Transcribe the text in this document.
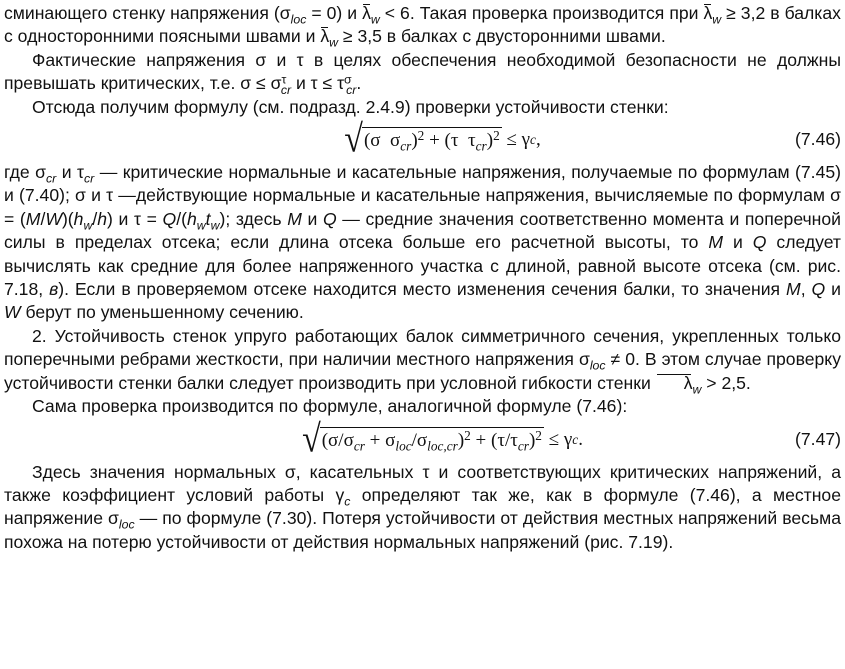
сминающего стенку напряжения $(\sigma_{loc} = 0)$ и $\lambda_w < 6$. Такая проверка производится при $\lambda_w \ge 3,2$ в балках с односторонними поясными швами и $\lambda_w \ge 3,5$ в балках с двусторонними швами.

Фактические напряжения σ и τ в целях обеспечения необходимой безопасности не должны превышать критических, т.е. $\sigma \le \sigma^\tau_{cr}$ и $\tau \le \tau^\sigma_{cr}$.

Отсюда получим формулу (см. подразд. 2.4.9) проверки устойчивости стенки:

√ (σ  $\sigma_{cr})^2 + (\tau$  $\tau_{cr})^2 \le \gamma$ c ,	(7.46)

где $\sigma_{cr}$ и $\tau_{cr}$ — критические нормальные и касательные напряжения, получаемые по формулам (7.45) и (7.40); σ и τ —действующие нормальные и касательные напряжения, вычисляемые по формулам $\sigma = (M/W)(h_w/h)$ и $\tau = Q/(h_wt_w)$; здесь M и Q — средние значения соответственно момента и поперечной силы в пределах отсека; если длина отсека больше его расчетной высоты, то M и Q следует вычислять как средние для более напряженного участка с длиной, равной высоте отсека (см. рис. 7.18, в). Если в проверяемом отсеке находится место изменения сечения балки, то значения M, Q и W берут по уменьшенному сечению.

2. Устойчивость стенок упруго работающих балок симметричного сечения, укрепленных только поперечными ребрами жесткости, при наличии местного напряжения $\sigma_{loc} \ne 0$. В этом случае проверку устойчивости стенки балки следует производить при условной гибкости стенки $\lambda_w > 2,5$.

Сама проверка производится по формуле, аналогичной формуле (7.46):

√ $(\sigma/\sigma_{cr} + \sigma_{loc}/\sigma_{loc,cr})^2 + (\tau/\tau_{cr})^2 \le \gamma$ c .	(7.47)

Здесь значения нормальных σ, касательных τ и соответствующих критических напряжений, а также коэффициент условий работы $\gamma_c$ определяют так же, как в формуле (7.46), а местное напряжение $\sigma_{loc}$ — по формуле (7.30). Потеря устойчивости от действия местных напряжений весьма похожа на потерю устойчивости от действия нормальных напряжений (рис. 7.19).
